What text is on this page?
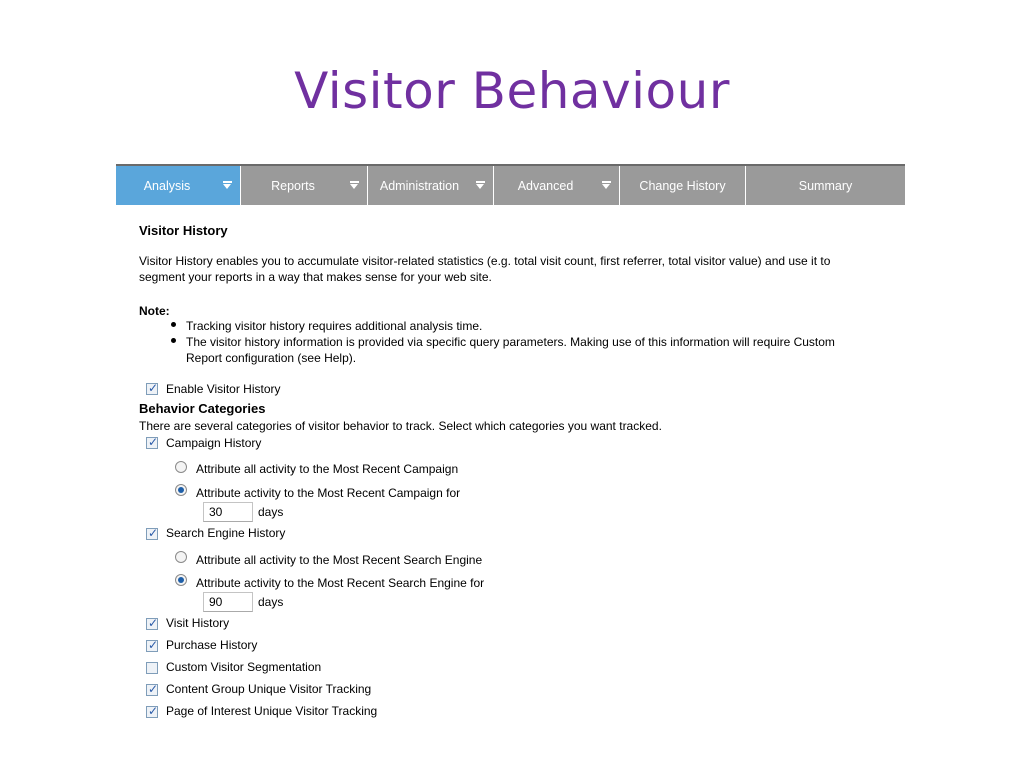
Visitor Behaviour
Analysis	Reports	Administration	Advanced	Change History	Summary
Visitor History
Visitor History enables you to accumulate visitor-related statistics (e.g. total visit count, first referrer, total visitor value) and use it to
segment your reports in a way that makes sense for your web site.
Note:
Tracking visitor history requires additional analysis time.
The visitor history information is provided via specific query parameters. Making use of this information will require Custom
Report configuration (see Help).
✓
Enable Visitor History
Behavior Categories
There are several categories of visitor behavior to track. Select which categories you want tracked.
✓
Campaign History
Attribute all activity to the Most Recent Campaign
Attribute activity to the Most Recent Campaign for
30	days
✓
Search Engine History
Attribute all activity to the Most Recent Search Engine
Attribute activity to the Most Recent Search Engine for
90	days
✓
Visit History
✓
Purchase History
Custom Visitor Segmentation
✓
Content Group Unique Visitor Tracking
✓
Page of Interest Unique Visitor Tracking
